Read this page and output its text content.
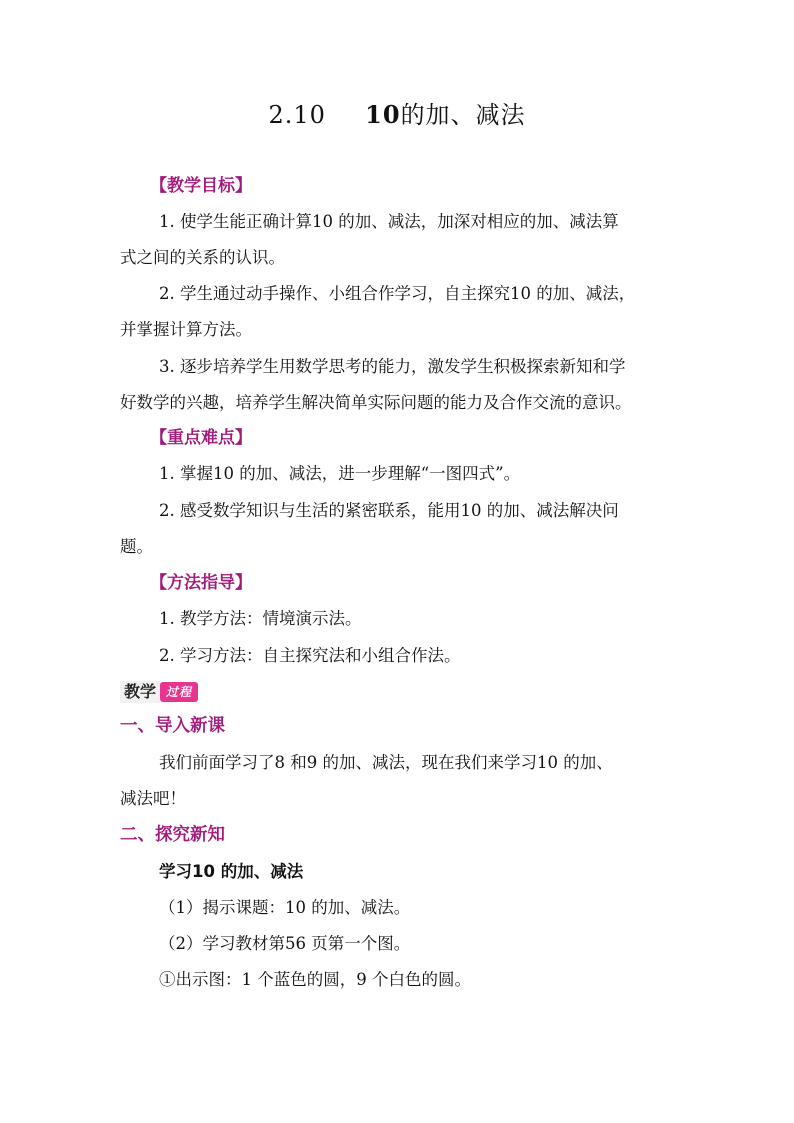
2.10 10的加、减法
【教学目标】
1. 使学生能正确计算10 的加、减法，加深对相应的加、减法算
式之间的关系的认识。
2. 学生通过动手操作、小组合作学习，自主探究10 的加、减法，
并掌握计算方法。
3. 逐步培养学生用数学思考的能力，激发学生积极探索新知和学
好数学的兴趣，培养学生解决简单实际问题的能力及合作交流的意识。
【重点难点】
1. 掌握10 的加、减法，进一步理解“一图四式”。
2. 感受数学知识与生活的紧密联系，能用10 的加、减法解决问
题。
【方法指导】
1. 教学方法：情境演示法。
2. 学习方法：自主探究法和小组合作法。
教学 过程
一、导入新课
我们前面学习了8 和9 的加、减法，现在我们来学习10 的加、
减法吧！
二、探究新知
学习10 的加、减法
（1）揭示课题：10 的加、减法。
（2）学习教材第56 页第一个图。
①出示图：1 个蓝色的圆，9 个白色的圆。
